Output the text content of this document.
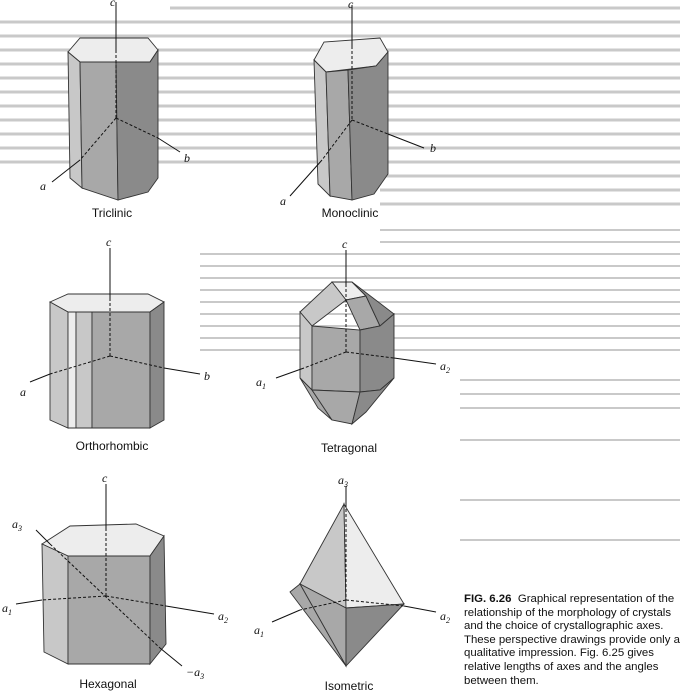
c
b
a
Triclinic
c
b
a
Monoclinic
c
b
a
Orthorhombic
c
$a_2$
$a_1$
Tetragonal
c
$a_2$
$a_1$
$a_3$
$-a_3$
Hexagonal
$a_3$
$a_2$
$a_1$
Isometric
FIG. 6.26 Graphical representation of the relationship of the morphology of crystals and the choice of crystallographic axes. These perspective drawings provide only a qualitative impression. Fig. 6.25 gives relative lengths of axes and the angles between them.
